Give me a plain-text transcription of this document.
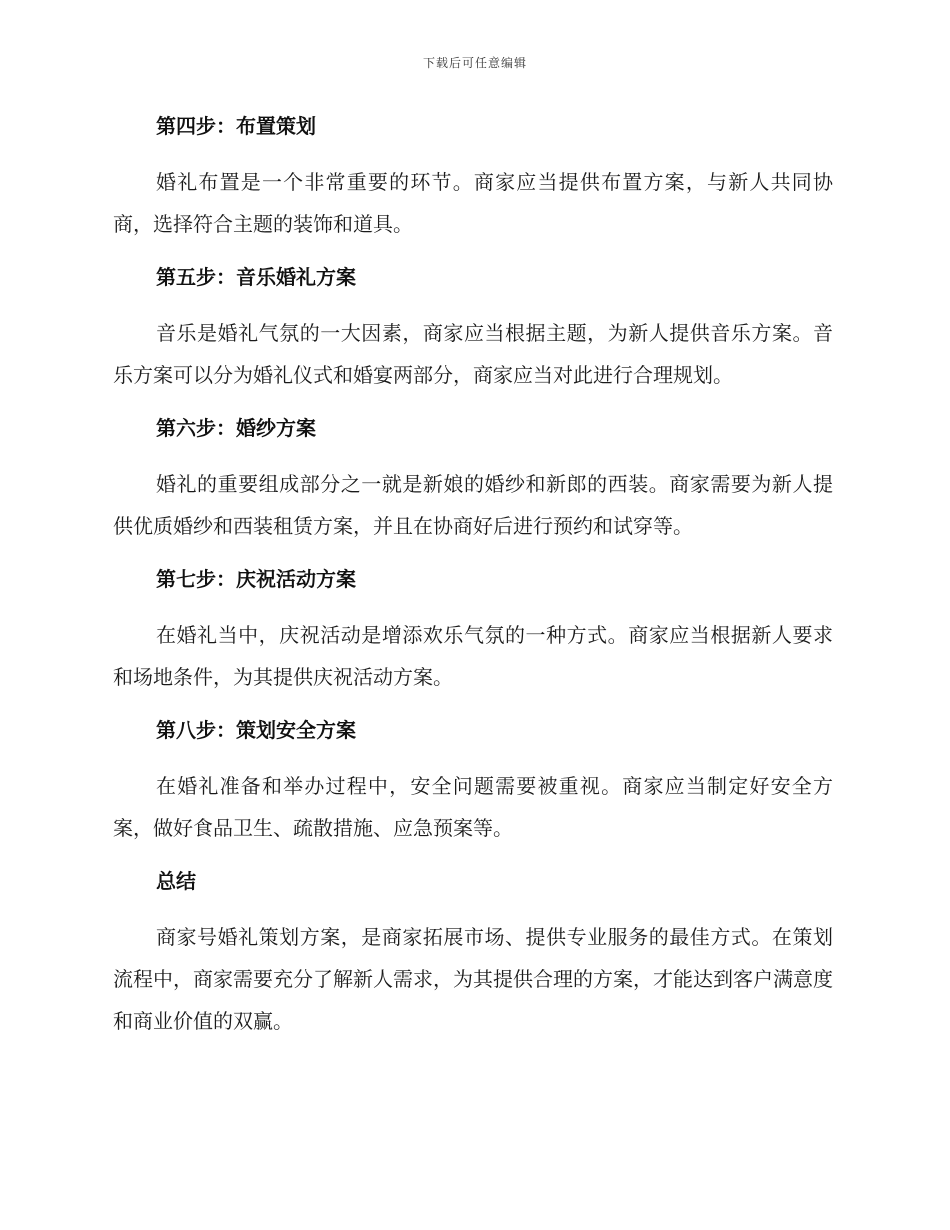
下载后可任意编辑
第四步：布置策划

婚礼布置是一个非常重要的环节。商家应当提供布置方案，与新人共同协商，选择符合主题的装饰和道具。

第五步：音乐婚礼方案

音乐是婚礼气氛的一大因素，商家应当根据主题，为新人提供音乐方案。音乐方案可以分为婚礼仪式和婚宴两部分，商家应当对此进行合理规划。

第六步：婚纱方案

婚礼的重要组成部分之一就是新娘的婚纱和新郎的西装。商家需要为新人提供优质婚纱和西装租赁方案，并且在协商好后进行预约和试穿等。

第七步：庆祝活动方案

在婚礼当中，庆祝活动是增添欢乐气氛的一种方式。商家应当根据新人要求和场地条件，为其提供庆祝活动方案。

第八步：策划安全方案

在婚礼准备和举办过程中，安全问题需要被重视。商家应当制定好安全方案，做好食品卫生、疏散措施、应急预案等。

总结

商家号婚礼策划方案，是商家拓展市场、提供专业服务的最佳方式。在策划流程中，商家需要充分了解新人需求，为其提供合理的方案，才能达到客户满意度和商业价值的双赢。
